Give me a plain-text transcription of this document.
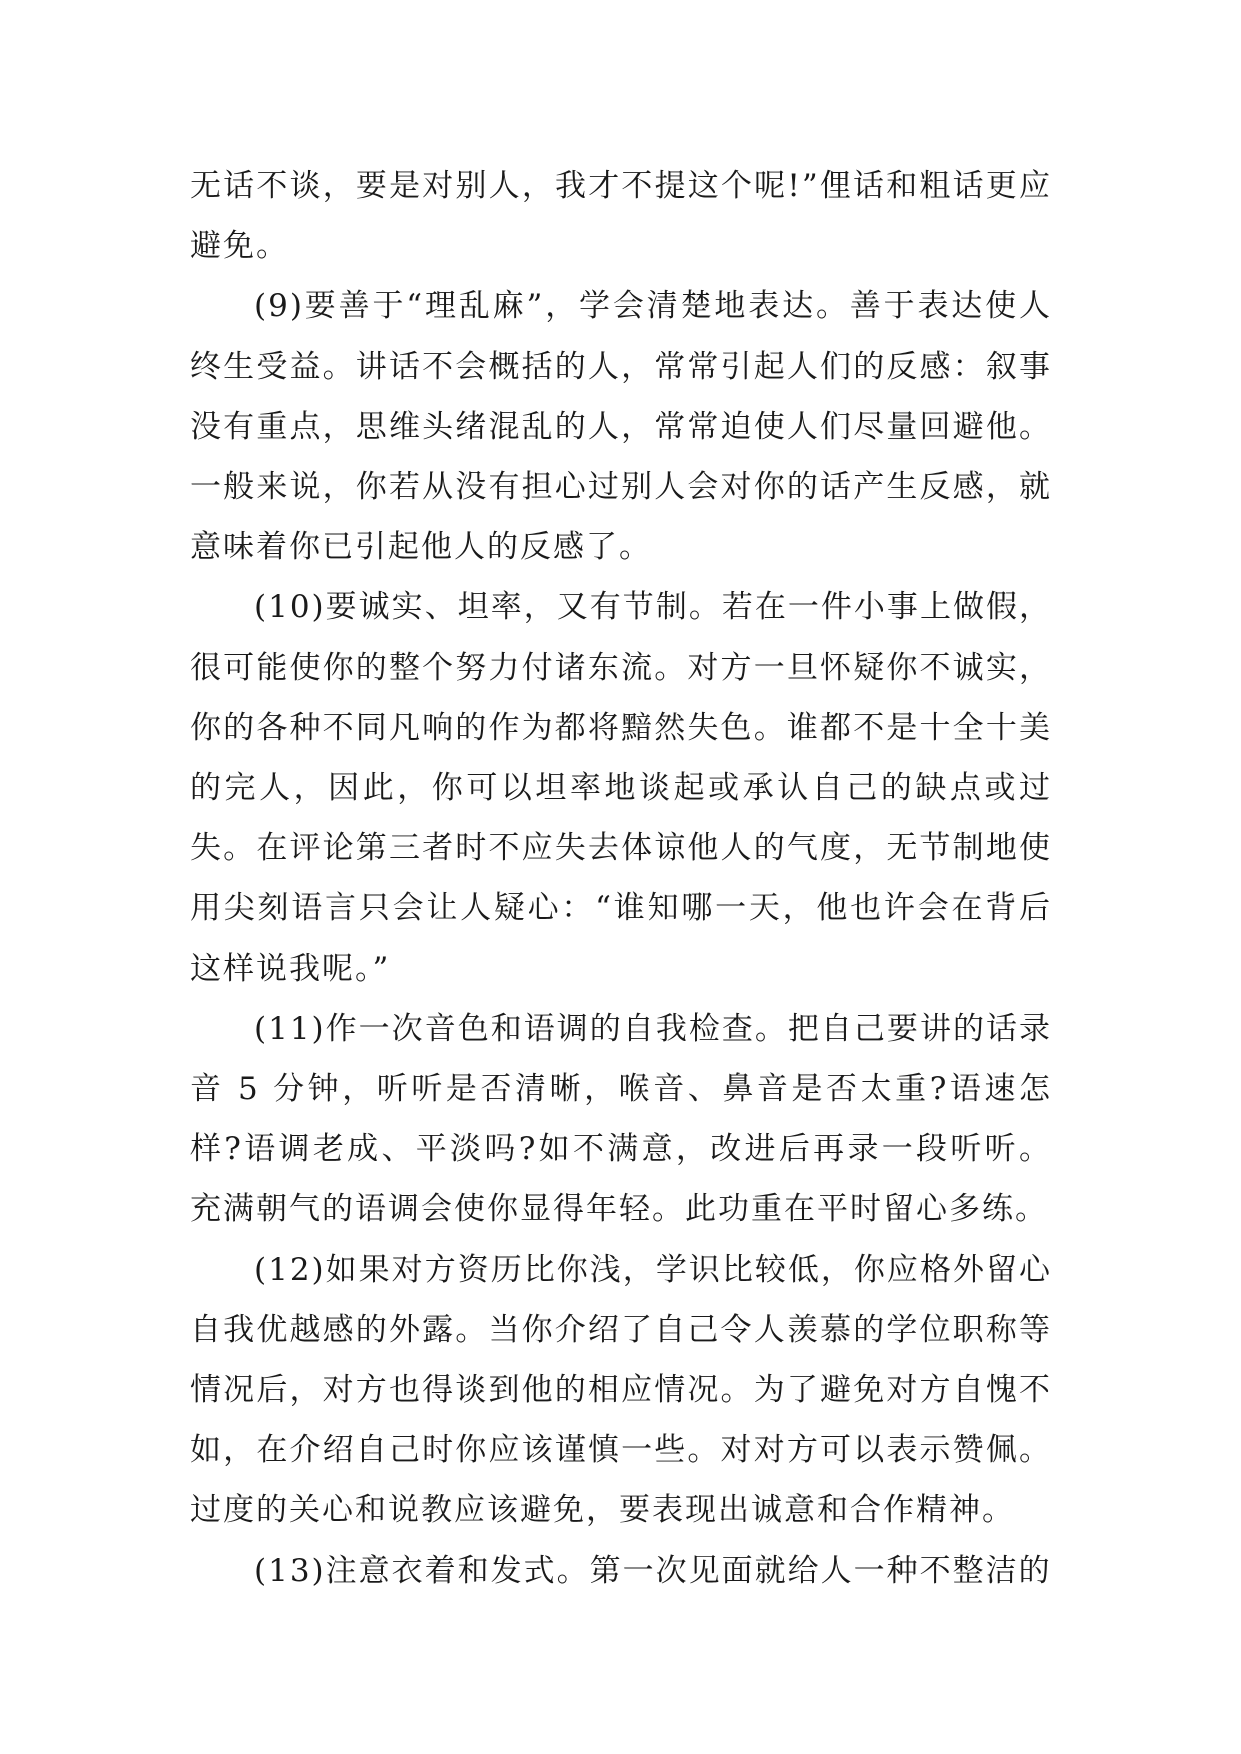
无话不谈，要是对别人，我才不提这个呢!”俚话和粗话更应避免。

(9)要善于“理乱麻”，学会清楚地表达。善于表达使人终生受益。讲话不会概括的人，常常引起人们的反感：叙事没有重点，思维头绪混乱的人，常常迫使人们尽量回避他。一般来说，你若从没有担心过别人会对你的话产生反感，就意味着你已引起他人的反感了。

(10)要诚实、坦率，又有节制。若在一件小事上做假，很可能使你的整个努力付诸东流。对方一旦怀疑你不诚实，你的各种不同凡响的作为都将黯然失色。谁都不是十全十美的完人，因此，你可以坦率地谈起或承认自己的缺点或过失。在评论第三者时不应失去体谅他人的气度，无节制地使用尖刻语言只会让人疑心：“谁知哪一天，他也许会在背后这样说我呢。”

(11)作一次音色和语调的自我检查。把自己要讲的话录音 5 分钟，听听是否清晰，喉音、鼻音是否太重?语速怎样?语调老成、平淡吗?如不满意，改进后再录一段听听。充满朝气的语调会使你显得年轻。此功重在平时留心多练。

(12)如果对方资历比你浅，学识比较低，你应格外留心自我优越感的外露。当你介绍了自己令人羡慕的学位职称等情况后，对方也得谈到他的相应情况。为了避免对方自愧不如，在介绍自己时你应该谨慎一些。对对方可以表示赞佩。过度的关心和说教应该避免，要表现出诚意和合作精神。

(13)注意衣着和发式。第一次见面就给人一种不整洁的
